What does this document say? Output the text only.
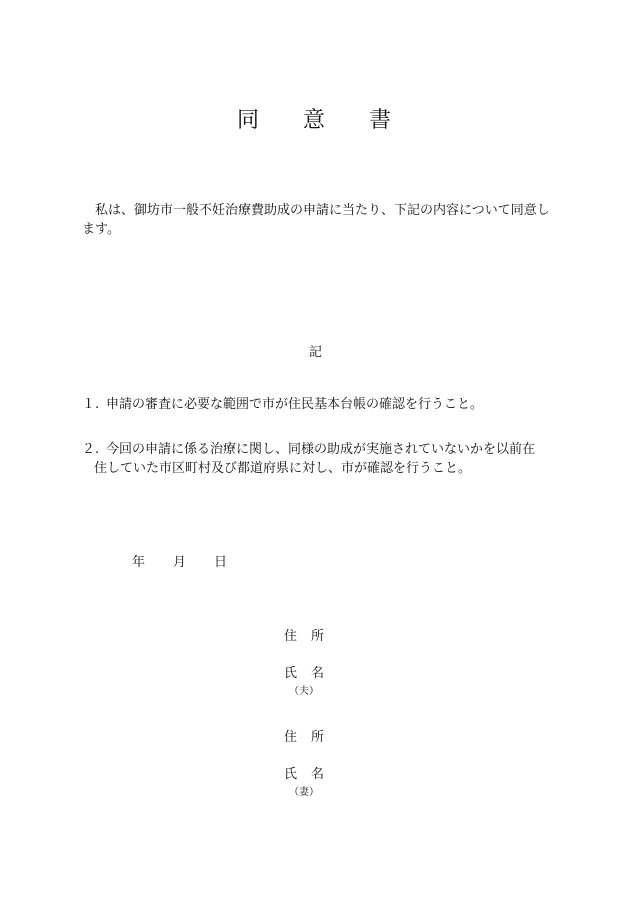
同 意 書
私は、御坊市一般不妊治療費助成の申請に当たり、下記の内容について同意します。
記
１. 申請の審査に必要な範囲で市が住民基本台帳の確認を行うこと。
２. 今回の申請に係る治療に関し、同様の助成が実施されていないかを以前在
住していた市区町村及び都道府県に対し、市が確認を行うこと。
年 月 日
住 所
氏 名
（夫）
住 所
氏 名
（妻）
